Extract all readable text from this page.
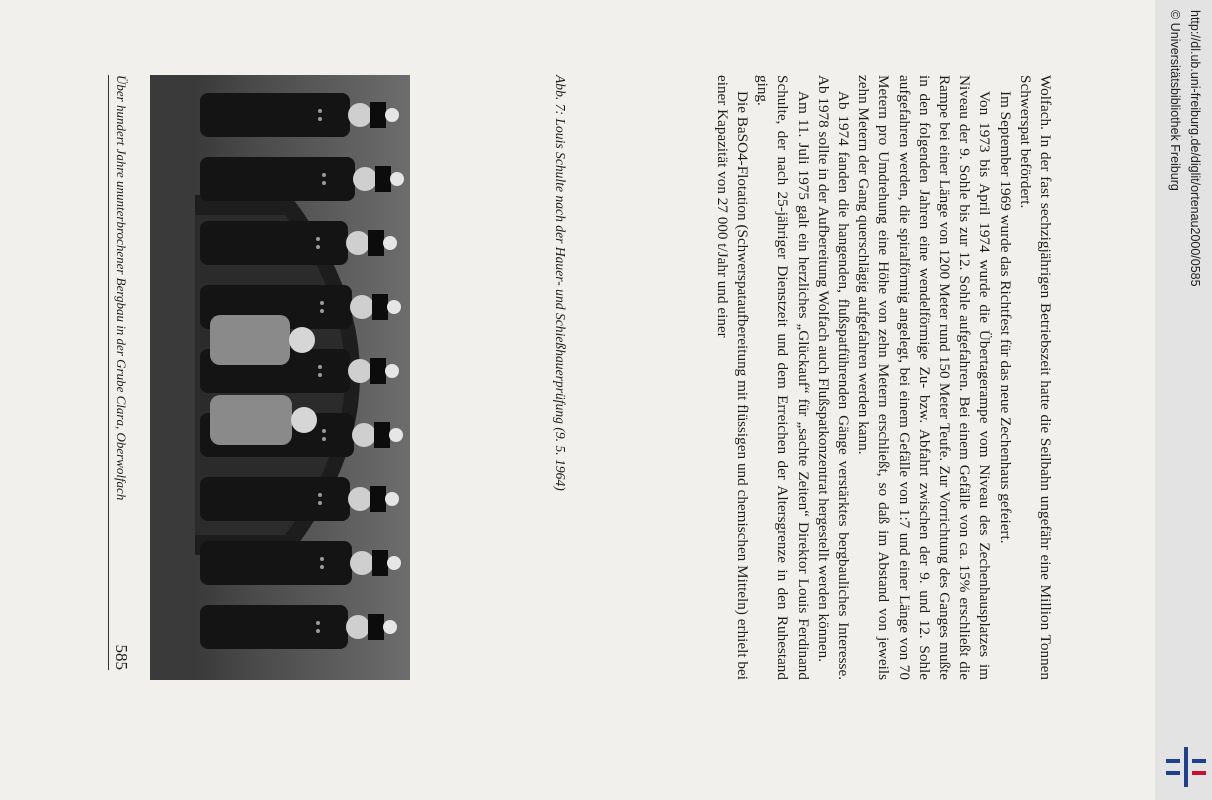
Über hundert Jahre ununterbrochener Bergbau in der Grube Clara, Oberwolfach
585
Abb. 7: Louis Schulte nach der Hauer- und Schießhauerprüfung (9. 5. 1964)	Wolfach. In der fast sechzigjährigen Betriebszeit hatte die Seilbahn ungefähr eine Million Tonnen Schwerspat befördert.

Im September 1969 wurde das Richtfest für das neue Zechenhaus gefeiert.

Von 1973 bis April 1974 wurde die Übertagerampe vom Niveau des Zechenhausplatzes im Niveau der 9. Sohle bis zur 12. Sohle aufgefahren. Bei einem Gefälle von ca. 15% erschließt die Rampe bei einer Länge von 1200 Meter rund 150 Meter Teufe. Zur Vorrichtung des Ganges mußte in den folgenden Jahren eine wendelförmige Zu- bzw. Abfahrt zwischen der 9. und 12. Sohle aufgefahren werden, die spiralförmig angelegt, bei einem Gefälle von 1:7 und einer Länge von 70 Metern pro Umdrehung eine Höhe von zehn Metern erschließt, so daß im Abstand von jeweils zehn Metern der Gang querschlägig aufgefahren werden kann.

Ab 1974 fanden die hangenden, flußspatführenden Gänge verstärktes bergbauliches Interesse. Ab 1978 sollte in der Aufbereitung Wolfach auch Flußspatkonzentrat hergestellt werden können.

Am 11. Juli 1975 galt ein herzliches „Glückauf“ für „sachte Zeiten“ Direktor Louis Ferdinand Schulte, der nach 25-jähriger Dienstzeit und dem Erreichen der Altersgrenze in den Ruhestand ging.

Die BaSO4-Flotation (Schwerspataufbereitung mit flüssigen und chemischen Mitteln) erhielt bei einer Kapazität von 27 000 t/Jahr und einer	http://dl.ub.uni-freiburg.de/diglit/ortenau2000/0585
© Universitätsbibliothek Freiburg
